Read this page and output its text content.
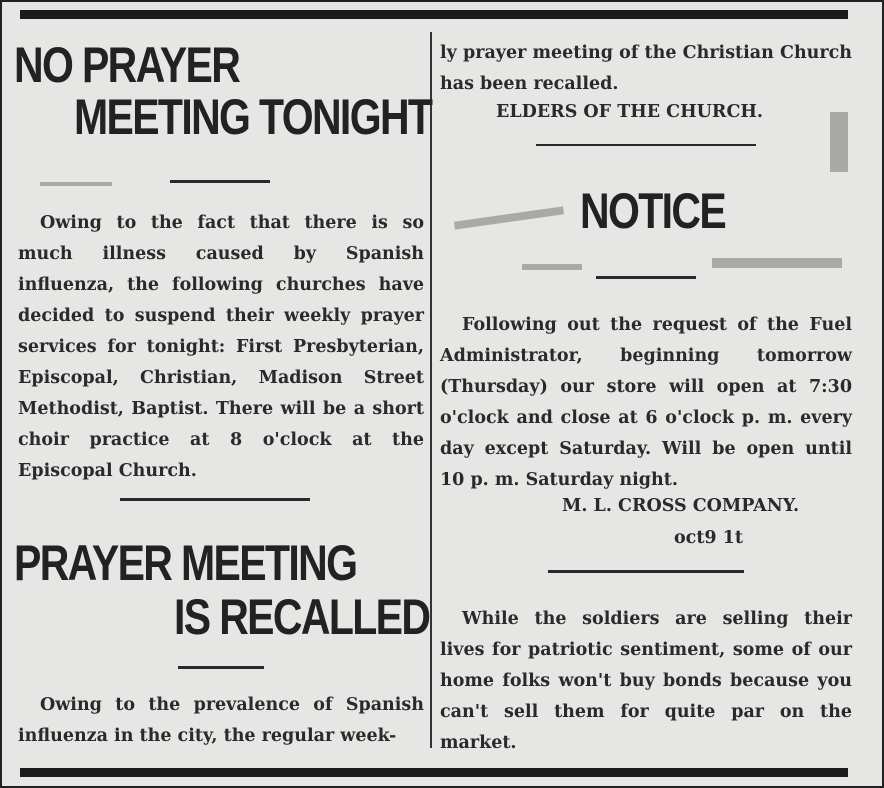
NO PRAYER
MEETING TONIGHT

Owing to the fact that there is so much illness caused by Spanish influenza, the following churches have decided to suspend their weekly prayer services for tonight: First Presbyterian, Episcopal, Christian, Madison Street Methodist, Baptist. There will be a short choir practice at 8 o'clock at the Episcopal Church.

PRAYER MEETING
IS RECALLED

Owing to the prevalence of Spanish influenza in the city, the regular week-

ly prayer meeting of the Christian Church has been recalled.

ELDERS OF THE CHURCH.
NOTICE

Following out the request of the Fuel Administrator, beginning tomorrow (Thursday) our store will open at 7:30 o'clock and close at 6 o'clock p. m. every day except Saturday. Will be open until 10 p. m. Saturday night.

M. L. CROSS COMPANY.
oct9 1t

While the soldiers are selling their lives for patriotic sentiment, some of our home folks won't buy bonds because you can't sell them for quite par on the market.
